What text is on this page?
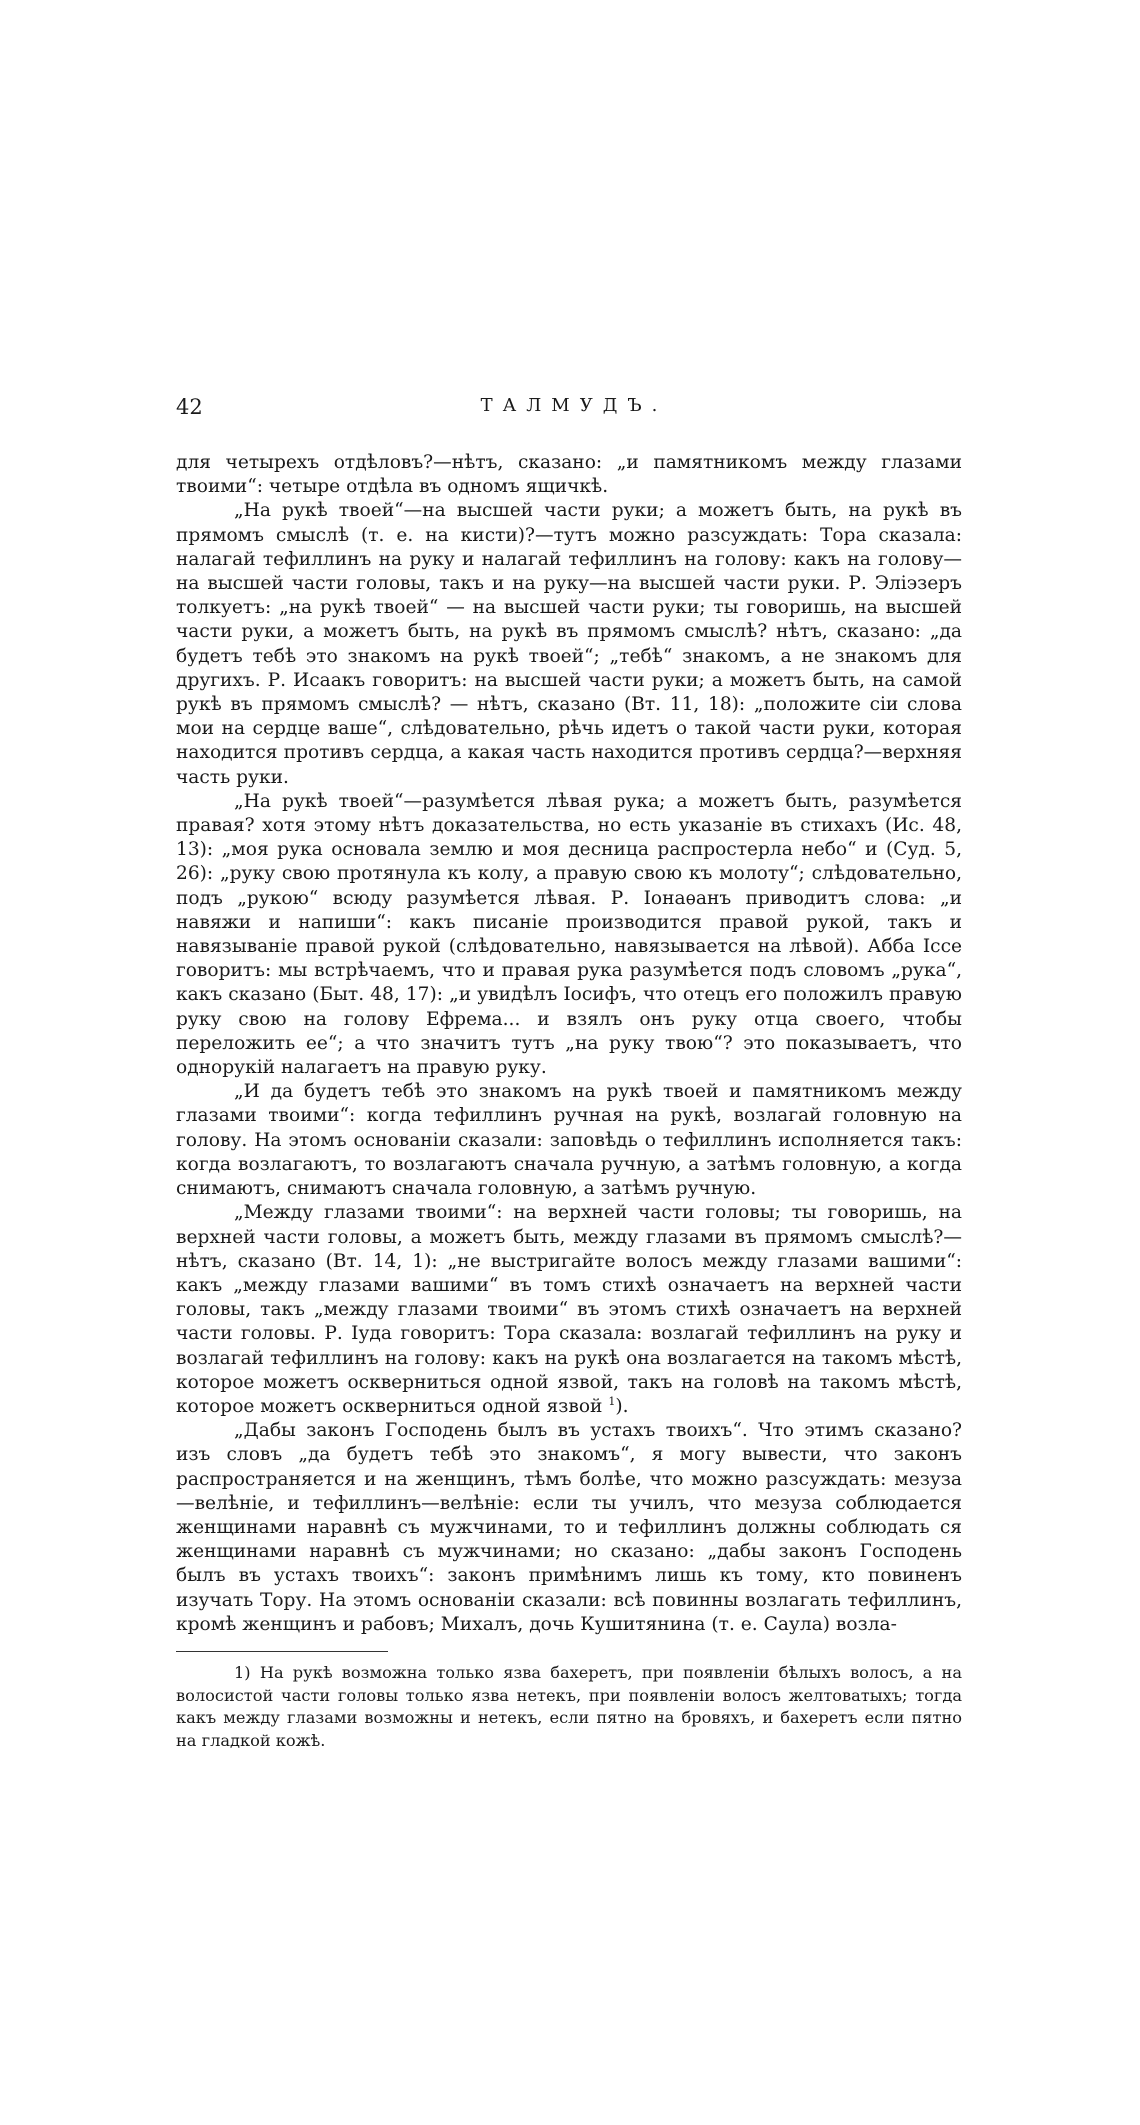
42	ТАЛМУДЪ.

для четырехъ отдѣловъ?—нѣтъ, сказано: „и памятникомъ между глазами твоими“: четыре отдѣла въ одномъ ящичкѣ.

„На рукѣ твоей“—на высшей части руки; а можетъ быть, на рукѣ въ прямомъ смыслѣ (т. е. на кисти)?—тутъ можно разсуждать: Тора сказала: налагай тефиллинъ на руку и налагай тефиллинъ на голову: какъ на голову—на высшей части головы, такъ и на руку—на высшей части руки. Р. Элiэзеръ толкуетъ: „на рукѣ твоей“ — на высшей части руки; ты говоришь, на высшей части руки, а можетъ быть, на рукѣ въ прямомъ смыслѣ? нѣтъ, сказано: „да будетъ тебѣ это знакомъ на рукѣ твоей“; „тебѣ“ знакомъ, а не знакомъ для другихъ. Р. Исаакъ говоритъ: на высшей части руки; а можетъ быть, на самой рукѣ въ прямомъ смыслѣ? — нѣтъ, сказано (Вт. 11, 18): „положите сiи слова мои на сердце ваше“, слѣдовательно, рѣчь идетъ о такой части руки, которая находится противъ сердца, а какая часть находится противъ сердца?—верхняя часть руки.

„На рукѣ твоей“—разумѣется лѣвая рука; а можетъ быть, разумѣется правая? хотя этому нѣтъ доказательства, но есть указанiе въ стихахъ (Ис. 48, 13): „моя рука основала землю и моя десница распростерла небо“ и (Суд. 5, 26): „руку свою протянула къ колу, а правую свою къ молоту“; слѣдовательно, подъ „рукою“ всюду разумѣется лѣвая. Р. Iонаѳанъ приводитъ слова: „и навяжи и напиши“: какъ писанiе производится правой рукой, такъ и навязыванiе правой рукой (слѣдовательно, навязывается на лѣвой). Абба Iссе говоритъ: мы встрѣчаемъ, что и правая рука разумѣется подъ словомъ „рука“, какъ сказано (Быт. 48, 17): „и увидѣлъ Iосифъ, что отецъ его положилъ правую руку свою на голову Ефрема... и взялъ онъ руку отца своего, чтобы переложить ее“; а что значитъ тутъ „на руку твою“? это показываетъ, что однорукiй налагаетъ на правую руку.

„И да будетъ тебѣ это знакомъ на рукѣ твоей и памятникомъ между глазами твоими“: когда тефиллинъ ручная на рукѣ, возлагай головную на голову. На этомъ основанiи сказали: заповѣдь о тефиллинъ исполняется такъ: когда возлагаютъ, то возлагаютъ сначала ручную, а затѣмъ головную, а когда снимаютъ, снимаютъ сначала головную, а затѣмъ ручную.

„Между глазами твоими“: на верхней части головы; ты говоришь, на верхней части головы, а можетъ быть, между глазами въ прямомъ смыслѣ?—нѣтъ, сказано (Вт. 14, 1): „не выстригайте волосъ между глазами вашими“: какъ „между глазами вашими“ въ томъ стихѣ означаетъ на верхней части головы, такъ „между глазами твоими“ въ этомъ стихѣ означаетъ на верхней части головы. Р. Iуда говоритъ: Тора сказала: возлагай тефиллинъ на руку и возлагай тефиллинъ на голову: какъ на рукѣ она возлагается на такомъ мѣстѣ, которое можетъ оскверниться одной язвой, такъ на головѣ на такомъ мѣстѣ, которое можетъ оскверниться одной язвой $^1$).

„Дабы законъ Господень былъ въ устахъ твоихъ“. Что этимъ сказано? изъ словъ „да будетъ тебѣ это знакомъ“, я могу вывести, что законъ распространяется и на женщинъ, тѣмъ болѣе, что можно разсуждать: мезуза—велѣнiе, и тефиллинъ—велѣнiе: если ты училъ, что мезуза соблюдается женщинами наравнѣ съ мужчинами, то и тефиллинъ должны соблюдать ся женщинами наравнѣ съ мужчинами; но сказано: „дабы законъ Господень былъ въ устахъ твоихъ“: законъ примѣнимъ лишь къ тому, кто повиненъ изучать Тору. На этомъ основанiи сказали: всѣ повинны возлагать тефиллинъ, кромѣ женщинъ и рабовъ; Михалъ, дочь Кушитянина (т. е. Саула) возла-

1) На рукѣ возможна только язва бахеретъ, при появленiи бѣлыхъ волосъ, а на волосистой части головы только язва нетекъ, при появленiи волосъ желтоватыхъ; тогда какъ между глазами возможны и нетекъ, если пятно на бровяхъ, и бахеретъ если пятно на гладкой кожѣ.
